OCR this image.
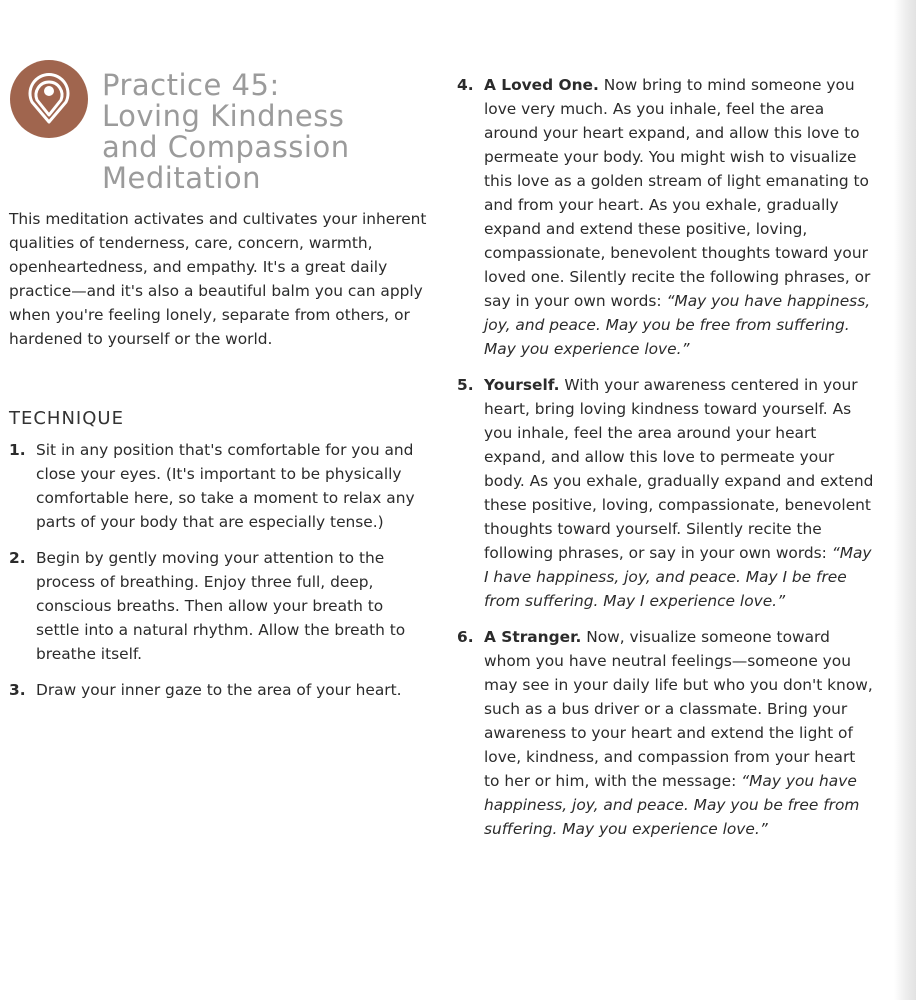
Practice 45:
Loving Kindness
and Compassion
Meditation

This meditation activates and cultivates your inherent qualities of tenderness, care, concern, warmth, openheartedness, and empathy. It's a great daily practice—and it's also a beautiful balm you can apply when you're feeling lonely, separate from others, or hardened to yourself or the world.

TECHNIQUE
1. Sit in any position that's comfortable for you and close your eyes. (It's important to be physically comfortable here, so take a moment to relax any parts of your body that are especially tense.)
2. Begin by gently moving your attention to the process of breathing. Enjoy three full, deep, conscious breaths. Then allow your breath to settle into a natural rhythm. Allow the breath to breathe itself.
3. Draw your inner gaze to the area of your heart.
4. A Loved One. Now bring to mind someone you love very much. As you inhale, feel the area around your heart expand, and allow this love to permeate your body. You might wish to visualize this love as a golden stream of light emanating to and from your heart. As you exhale, gradually expand and extend these positive, loving, compassionate, benevolent thoughts toward your loved one. Silently recite the following phrases, or say in your own words: “May you have happiness, joy, and peace. May you be free from suffering. May you experience love.”
5. Yourself. With your awareness centered in your heart, bring loving kindness toward yourself. As you inhale, feel the area around your heart expand, and allow this love to permeate your body. As you exhale, gradually expand and extend these positive, loving, compassionate, benevolent thoughts toward yourself. Silently recite the following phrases, or say in your own words: “May I have happiness, joy, and peace. May I be free from suffering. May I experience love.”
6. A Stranger. Now, visualize someone toward whom you have neutral feelings—someone you may see in your daily life but who you don't know, such as a bus driver or a classmate. Bring your awareness to your heart and extend the light of love, kindness, and compassion from your heart to her or him, with the message: “May you have happiness, joy, and peace. May you be free from suffering. May you experience love.”
